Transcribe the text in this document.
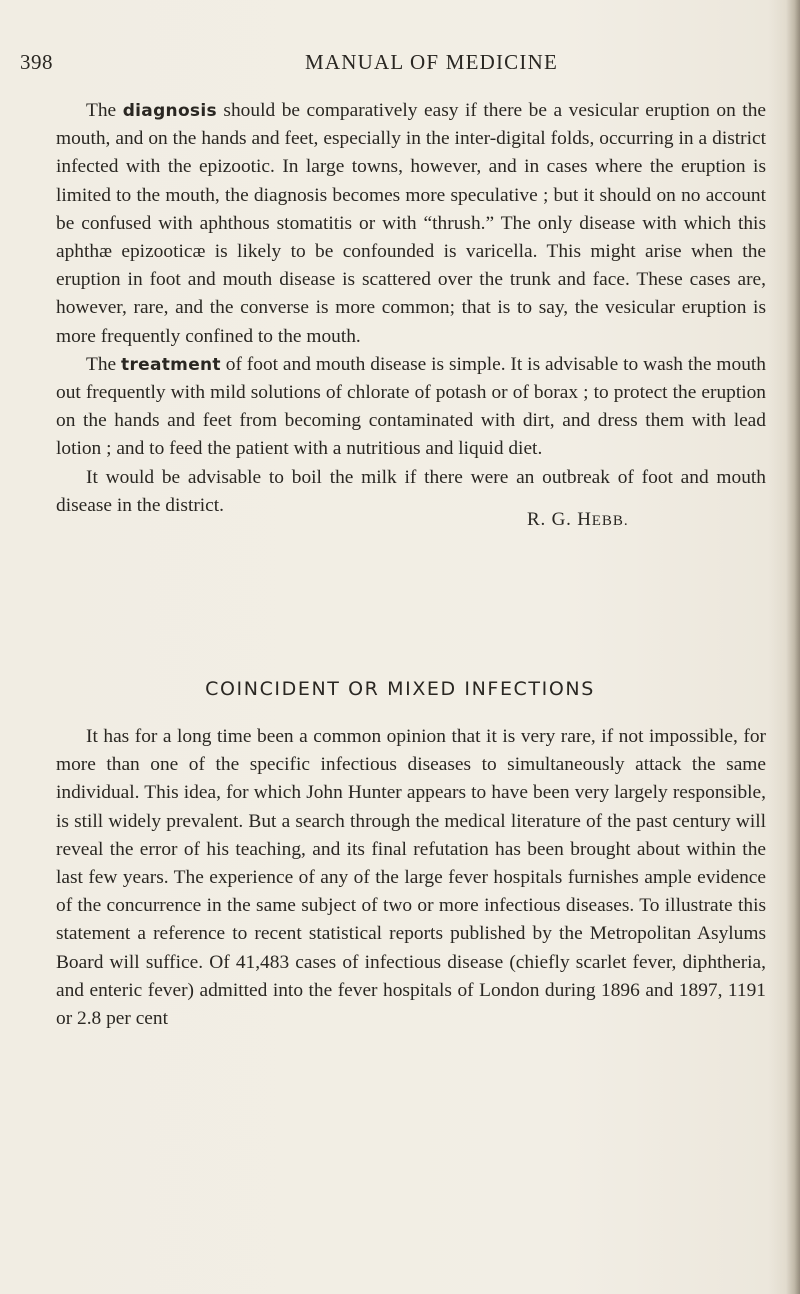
398	MANUAL OF MEDICINE

The diagnosis should be comparatively easy if there be a vesicular eruption on the mouth, and on the hands and feet, especially in the inter-digital folds, occurring in a district infected with the epizootic. In large towns, however, and in cases where the eruption is limited to the mouth, the diagnosis becomes more speculative ; but it should on no account be confused with aphthous stomatitis or with “thrush.” The only disease with which this aphthæ epizooticæ is likely to be confounded is varicella. This might arise when the eruption in foot and mouth disease is scattered over the trunk and face. These cases are, however, rare, and the converse is more common; that is to say, the vesicular eruption is more frequently confined to the mouth.

The treatment of foot and mouth disease is simple. It is advisable to wash the mouth out frequently with mild solutions of chlorate of potash or of borax ; to protect the eruption on the hands and feet from becoming contaminated with dirt, and dress them with lead lotion ; and to feed the patient with a nutritious and liquid diet.

It would be advisable to boil the milk if there were an outbreak of foot and mouth disease in the district.

R. G. HEBB.
COINCIDENT OR MIXED INFECTIONS

It has for a long time been a common opinion that it is very rare, if not impossible, for more than one of the specific infectious diseases to simultaneously attack the same individual. This idea, for which John Hunter appears to have been very largely responsible, is still widely prevalent. But a search through the medical literature of the past century will reveal the error of his teaching, and its final refutation has been brought about within the last few years. The experience of any of the large fever hospitals furnishes ample evidence of the concurrence in the same subject of two or more infectious diseases. To illustrate this statement a reference to recent statistical reports published by the Metropolitan Asylums Board will suffice. Of 41,483 cases of infectious disease (chiefly scarlet fever, diphtheria, and enteric fever) admitted into the fever hospitals of London during 1896 and 1897, 1191 or 2.8 per cent
